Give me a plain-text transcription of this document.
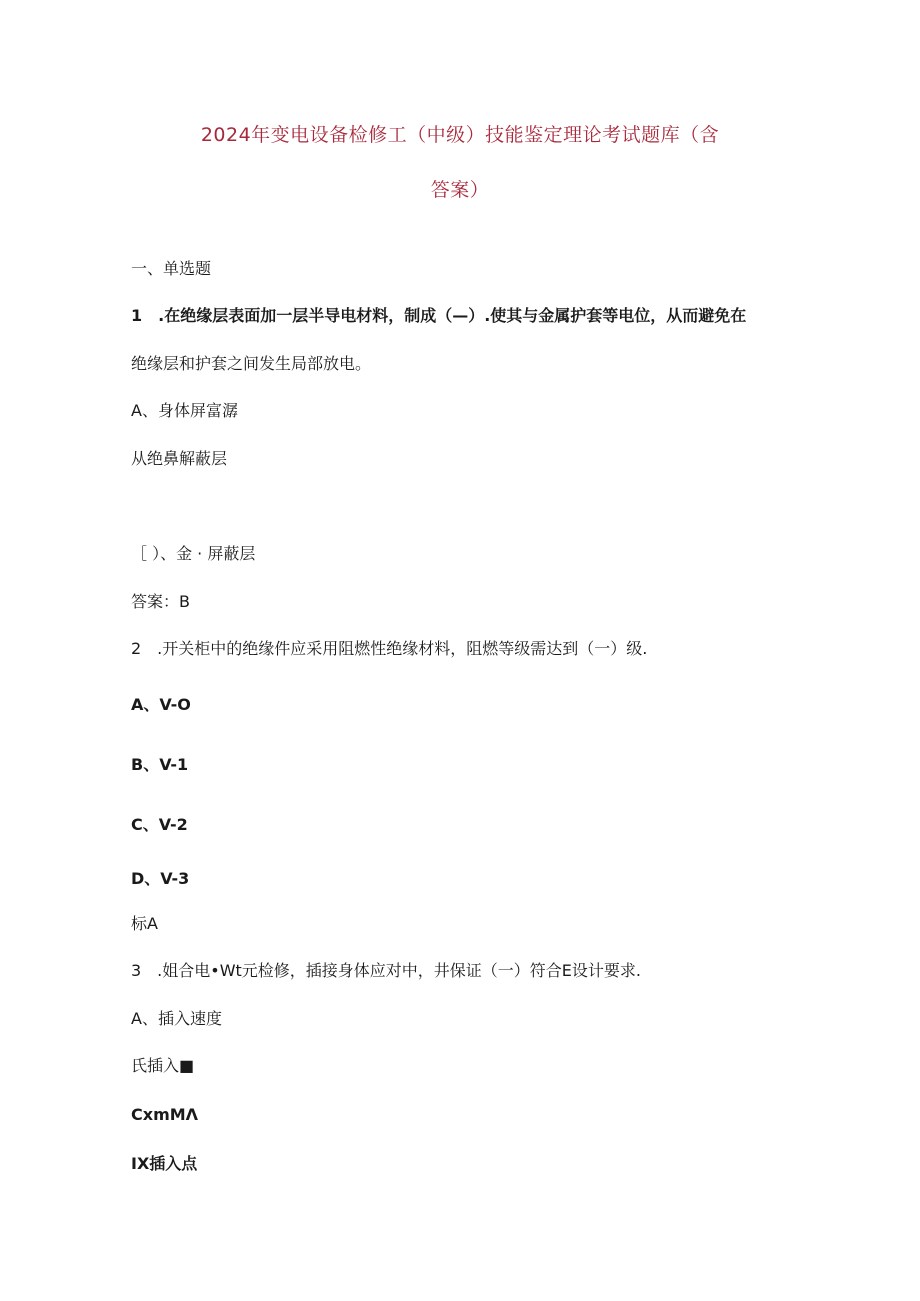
2024年变电设备检修工（中级）技能鉴定理论考试题库（含
答案）

一、单选题

1　.在绝缘层表面加一层半导电材料，制成（—）.使其与金属护套等电位，从而避免在

绝缘层和护套之间发生局部放电。

A、身体屏富潺

从绝鼻解蔽层

［ ）、金 · 屏蔽层

答案：B

2　.开关柜中的绝缘件应采用阻燃性绝缘材料，阻燃等级需达到（一）级.

A、V-O

B、V-1

C、V-2

D、V-3

标A

3　.姐合电•Wt元检修，插接身体应对中，井保证（一）符合E设计要求.

A、插入速度

氏插入■

CxmMΛ

IX插入点
